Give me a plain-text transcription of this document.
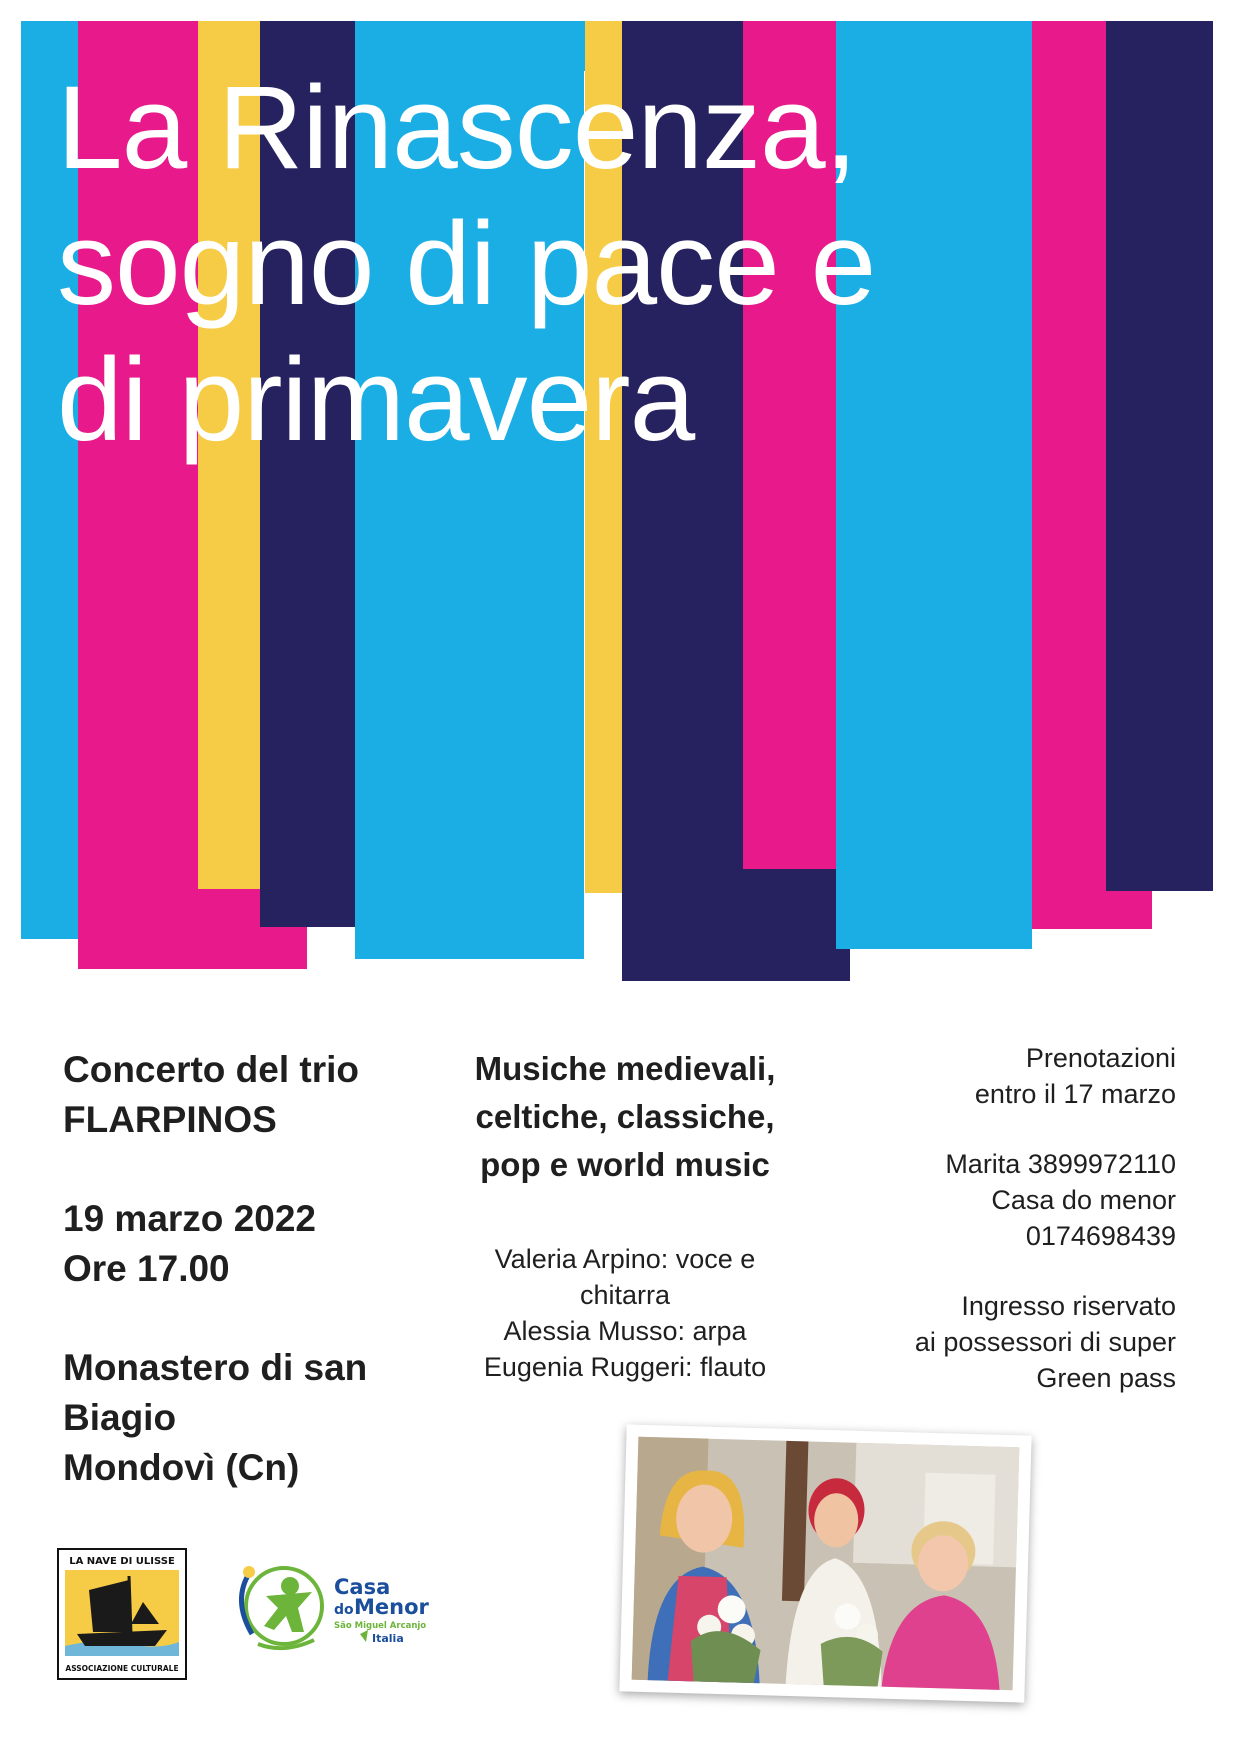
La Rinascenza,
sogno di pace e
di primavera

Concerto del trio
FLARPINOS

19 marzo 2022
Ore 17.00

Monastero di san
Biagio
Mondovì (Cn)

Musiche medievali,
celtiche, classiche,
pop e world music

Valeria Arpino: voce e
chitarra
Alessia Musso: arpa
Eugenia Ruggeri: flauto

Prenotazioni
entro il 17 marzo

Marita 3899972110
Casa do menor
0174698439

Ingresso riservato
ai possessori di super
Green pass

LA NAVE DI ULISSE
ASSOCIAZIONE CULTURALE
Casa
do Menor
São Miguel Arcanjo
Italia
